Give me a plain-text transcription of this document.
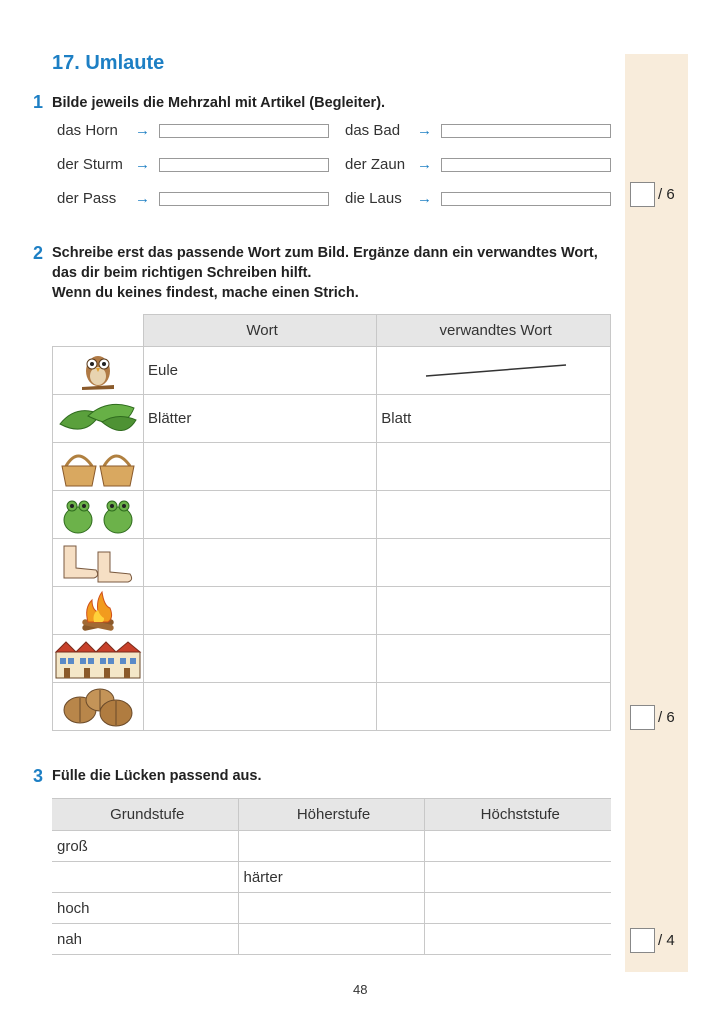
17. Umlaute
1 Bilde jeweils die Mehrzahl mit Artikel (Begleiter).
das Horn →	das Bad →
der Sturm →	der Zaun →
der Pass →	die Laus →	/ 6
2 Schreibe erst das passende Wort zum Bild. Ergänze dann ein verwandtes Wort,
das dir beim richtigen Schreiben hilft.
Wenn du keines findest, mache einen Strich.
	Wort	verwandtes Wort

	Eule	

	Blätter	Blatt

/ 6
3 Fülle die Lücken passend aus.
Grundstufe	Höherstufe	Höchststufe
groß		
	härter	
hoch		
nah			/ 4
48
